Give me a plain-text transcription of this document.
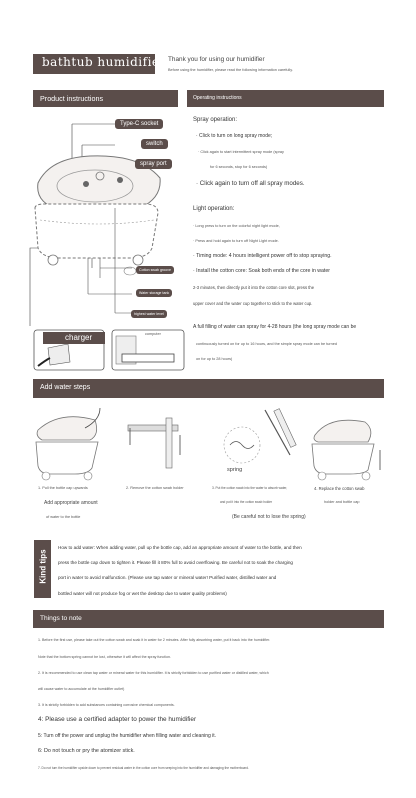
bathtub humidifier Thank you for using our humidifier
Before using the humidifier, please read the following information carefully.
Product instructions	Operating instructions
Type-C socket
switch
spray port
Cotton swab groove
Water storage tank
highest water level
charger	computer
Spray operation:
· Click to turn on long spray mode;
· Click again to start intermittent spray mode (spray
for 6 seconds, stop for 6 seconds)
· Click again to turn off all spray modes.
Light operation:
· Long press to turn on the colorful night light mode,
· Press and hold again to turn off Night Light mode.
· Timing mode: 4 hours intelligent power off to stop spraying.
· Install the cotton core: Soak both ends of the core in water
2-3 minutes, then directly put it into the cotton core slot, press the
upper cover and the water cup together to stick to the water cup.
A full filling of water can spray for 4-28 hours (the long spray mode can be
continuously turned on for up to 16 hours, and the simple spray mode can be turned
on for up to 28 hours)
Add water steps
1. Pull the bottle cap upwards	2. Remove the cotton swab holder	3. Put the cotton swab into the water to absorb water,	4. Replace the cotton swab
Add appropriate amount
of water to the bottle
and put it into the cotton swab holder	holder and bottle cap
spring
(Be careful not to lose the spring)
Kind tips
How to add water: When adding water, pull up the bottle cap, add an appropriate amount of water to the bottle, and then
press the bottle cap down to tighten it. Please fill it 80% full to avoid overflowing. Be careful not to soak the charging
port in water to avoid malfunction. (Please use tap water or mineral water! Purified water, distilled water and
bottled water will not produce fog or wet the desktop due to water quality problems)
Things to note
1. Before the first use, please take out the cotton swab and soak it in water for 2 minutes. After fully absorbing water, put it back into the humidifier.
Note that the bottom spring cannot be lost, otherwise it will affect the spray function.
2. It is recommended to use clean tap water or mineral water for this humidifier. It is strictly forbidden to use purified water or distilled water, which
will cause water to accumulate at the humidifier outlet)
3. It is strictly forbidden to add substances containing corrosive chemical components.
4: Please use a certified adapter to power the humidifier
5: Turn off the power and unplug the humidifier when filling water and cleaning it.
6: Do not touch or pry the atomizer stick.
7. Do not turn the humidifier upside down to prevent residual water in the cotton core from seeping into the humidifier and damaging the motherboard.
